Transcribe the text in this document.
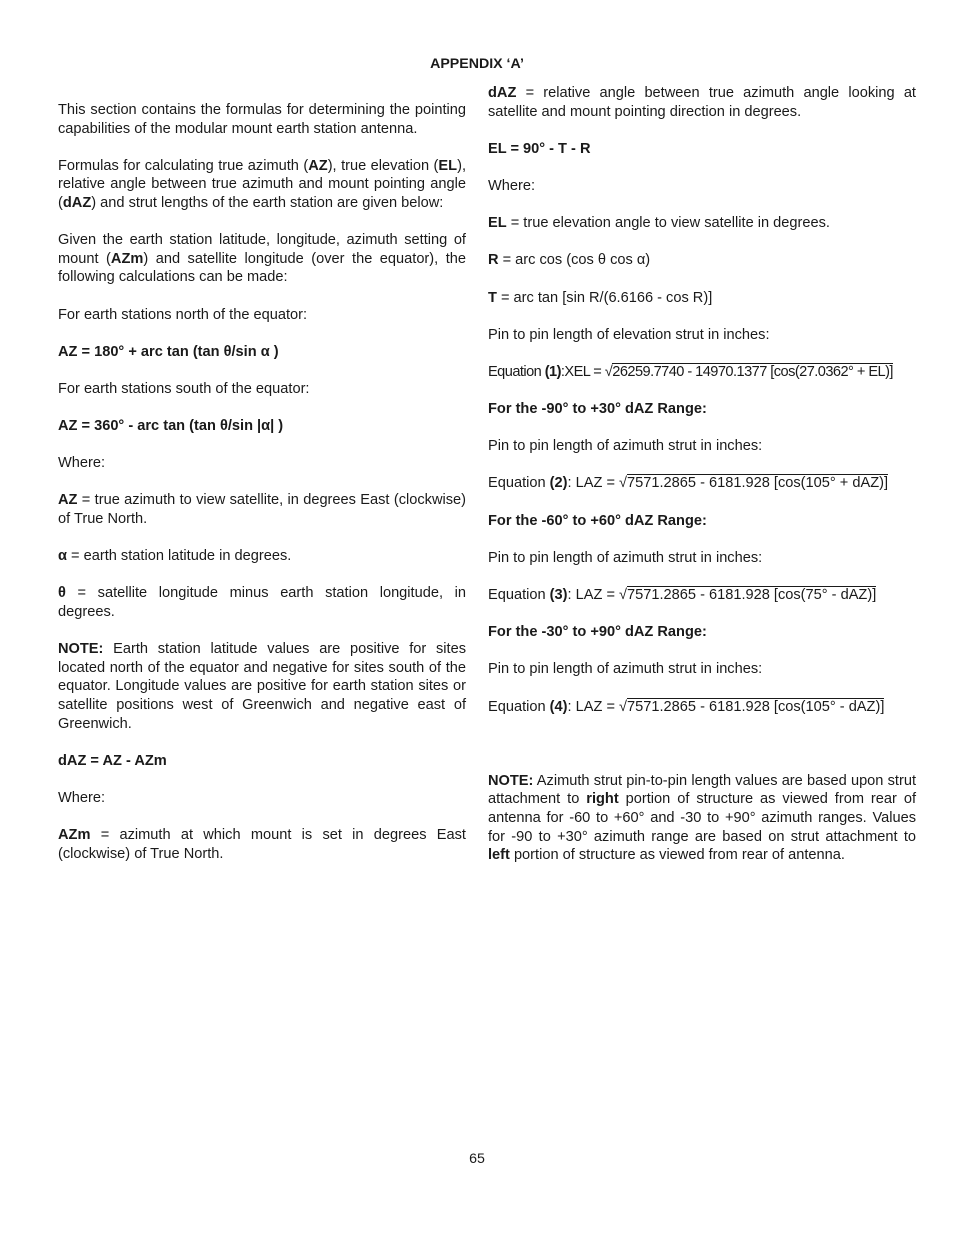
APPENDIX ‘A’

This section contains the formulas for determining the pointing capabilities of the modular mount earth station antenna.

Formulas for calculating true azimuth (AZ), true elevation (EL), relative angle between true azimuth and mount pointing angle (dAZ) and strut lengths of the earth station are given below:

Given the earth station latitude, longitude, azimuth setting of mount (AZm) and satellite longitude (over the equator), the following calculations can be made:

For earth stations north of the equator:

AZ = 180° + arc tan (tan θ/sin α )

For earth stations south of the equator:

AZ = 360° - arc tan (tan θ/sin |α| )

Where:

AZ = true azimuth to view satellite, in degrees East (clockwise) of True North.

α = earth station latitude in degrees.

θ = satellite longitude minus earth station longitude, in degrees.

NOTE: Earth station latitude values are positive for sites located north of the equator and negative for sites south of the equator. Longitude values are positive for earth station sites or satellite positions west of Greenwich and negative east of Greenwich.

dAZ = AZ - AZm

Where:

AZm = azimuth at which mount is set in degrees East (clockwise) of True North.

dAZ = relative angle between true azimuth angle looking at satellite and mount pointing direction in degrees.

EL = 90° - T - R

Where:

EL = true elevation angle to view satellite in degrees.

R = arc cos (cos θ cos α)

T = arc tan [sin R/(6.6166 - cos R)]

Pin to pin length of elevation strut in inches:

Equation (1):XEL = √26259.7740 - 14970.1377 [cos(27.0362° + EL)]

For the -90° to +30° dAZ Range:

Pin to pin length of azimuth strut in inches:

Equation (2): LAZ = √7571.2865 - 6181.928 [cos(105° + dAZ)]

For the -60° to +60° dAZ Range:

Pin to pin length of azimuth strut in inches:

Equation (3): LAZ = √7571.2865 - 6181.928 [cos(75° - dAZ)]

For the -30° to +90° dAZ Range:

Pin to pin length of azimuth strut in inches:

Equation (4): LAZ = √7571.2865 - 6181.928 [cos(105° - dAZ)]

NOTE: Azimuth strut pin-to-pin length values are based upon strut attachment to right portion of structure as viewed from rear of antenna for -60 to +60° and -30 to +90° azimuth ranges. Values for -90 to +30° azimuth range are based on strut attachment to left portion of structure as viewed from rear of antenna.

65
